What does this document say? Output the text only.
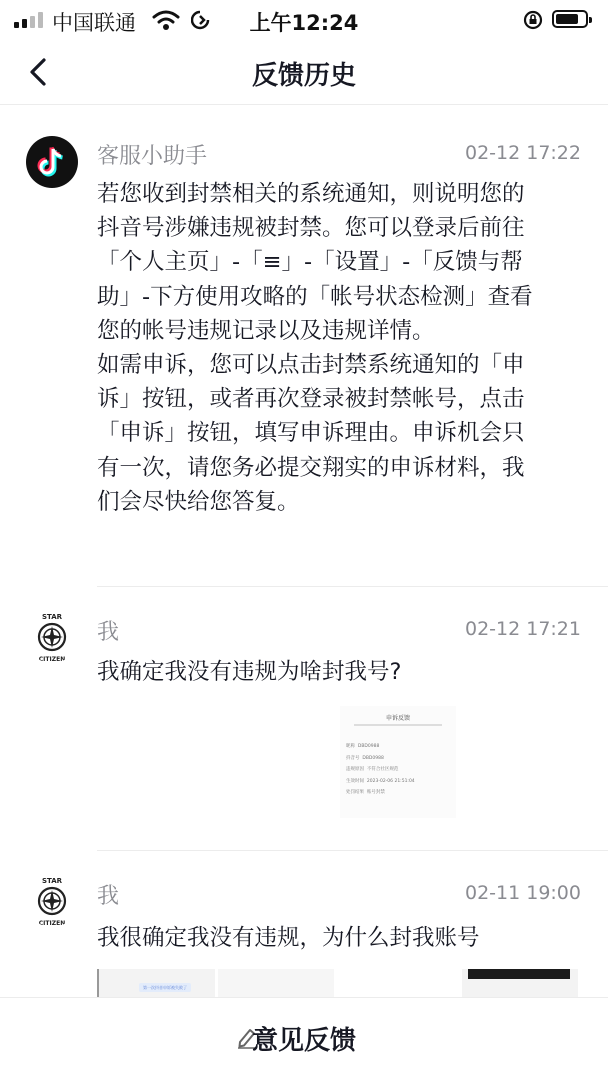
中国联通	上午12:24
反馈历史
客服小助手	02-12 17:22
若您收到封禁相关的系统通知，则说明您的
抖音号涉嫌违规被封禁。您可以登录后前往
「个人主页」-「≡」-「设置」-「反馈与帮
助」-下方使用攻略的「帐号状态检测」查看
您的帐号违规记录以及违规详情。
如需申诉，您可以点击封禁系统通知的「申
诉」按钮，或者再次登录被封禁帐号，点击
「申诉」按钮，填写申诉理由。申诉机会只
有一次，请您务必提交翔实的申诉材料，我
们会尽快给您答复。
STAR
CITIZEN
我	02-12 17:21
我确定我没有违规为啥封我号?
申诉反馈
昵称 DBD0988
抖音号 DBD0988
违规原因 不符合社区规范
生效时间 2023-02-06 21:51:04
处罚结果 账号封禁
STAR
CITIZEN
我	02-11 19:00
我很确定我没有违规，为什么封我账号
第一次抖音申诉被失败了
意见反馈
